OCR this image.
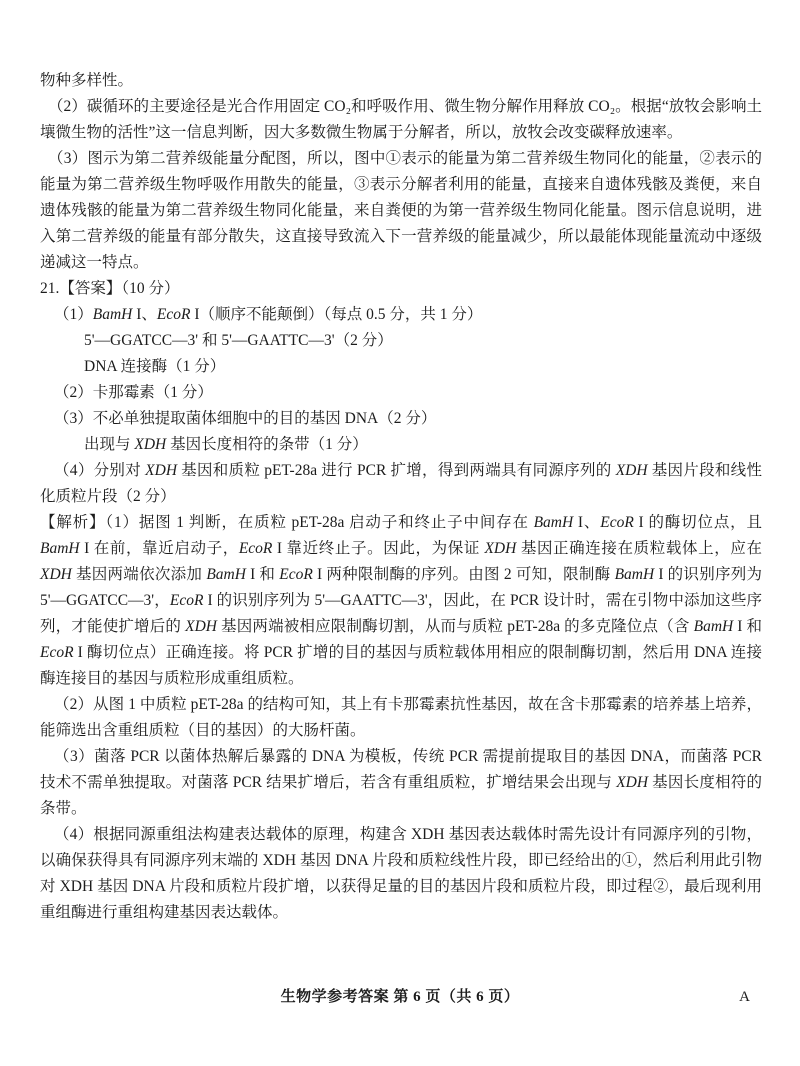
物种多样性。
（2）碳循环的主要途径是光合作用固定 CO₂和呼吸作用、微生物分解作用释放 CO₂。根据“放牧会影响土壤微生物的活性”这一信息判断，因大多数微生物属于分解者，所以，放牧会改变碳释放速率。
（3）图示为第二营养级能量分配图，所以，图中①表示的能量为第二营养级生物同化的能量，②表示的能量为第二营养级生物呼吸作用散失的能量，③表示分解者利用的能量，直接来自遗体残骸及粪便，来自遗体残骸的能量为第二营养级生物同化能量，来自粪便的为第一营养级生物同化能量。图示信息说明，进入第二营养级的能量有部分散失，这直接导致流入下一营养级的能量减少，所以最能体现能量流动中逐级递减这一特点。
21.【答案】（10 分）
（1）BamH I、EcoR I（顺序不能颠倒）（每点 0.5 分，共 1 分）
5'—GGATCC—3' 和 5'—GAATTC—3'（2 分）
DNA 连接酶（1 分）
（2）卡那霉素（1 分）
（3）不必单独提取菌体细胞中的目的基因 DNA（2 分）
出现与 XDH 基因长度相符的条带（1 分）
（4）分别对 XDH 基因和质粒 pET-28a 进行 PCR 扩增，得到两端具有同源序列的 XDH 基因片段和线性化质粒片段（2 分）
【解析】（1）据图 1 判断，在质粒 pET-28a 启动子和终止子中间存在 BamH I、EcoR I 的酶切位点，且 BamH I 在前，靠近启动子，EcoR I 靠近终止子。因此，为保证 XDH 基因正确连接在质粒载体上，应在 XDH 基因两端依次添加 BamH I 和 EcoR I 两种限制酶的序列。由图 2 可知，限制酶 BamH I 的识别序列为 5'—GGATCC—3'，EcoR I 的识别序列为 5'—GAATTC—3'，因此，在 PCR 设计时，需在引物中添加这些序列，才能使扩增后的 XDH 基因两端被相应限制酶切割，从而与质粒 pET-28a 的多克隆位点（含 BamH I 和 EcoR I 酶切位点）正确连接。将 PCR 扩增的目的基因与质粒载体用相应的限制酶切割，然后用 DNA 连接酶连接目的基因与质粒形成重组质粒。
（2）从图 1 中质粒 pET-28a 的结构可知，其上有卡那霉素抗性基因，故在含卡那霉素的培养基上培养，能筛选出含重组质粒（目的基因）的大肠杆菌。
（3）菌落 PCR 以菌体热解后暴露的 DNA 为模板，传统 PCR 需提前提取目的基因 DNA，而菌落 PCR 技术不需单独提取。对菌落 PCR 结果扩增后，若含有重组质粒，扩增结果会出现与 XDH 基因长度相符的条带。
（4）根据同源重组法构建表达载体的原理，构建含 XDH 基因表达载体时需先设计有同源序列的引物，以确保获得具有同源序列末端的 XDH 基因 DNA 片段和质粒线性片段，即已经给出的①，然后利用此引物对 XDH 基因 DNA 片段和质粒片段扩增，以获得足量的目的基因片段和质粒片段，即过程②，最后现利用重组酶进行重组构建基因表达载体。
生物学参考答案 第 6 页（共 6 页）	A
